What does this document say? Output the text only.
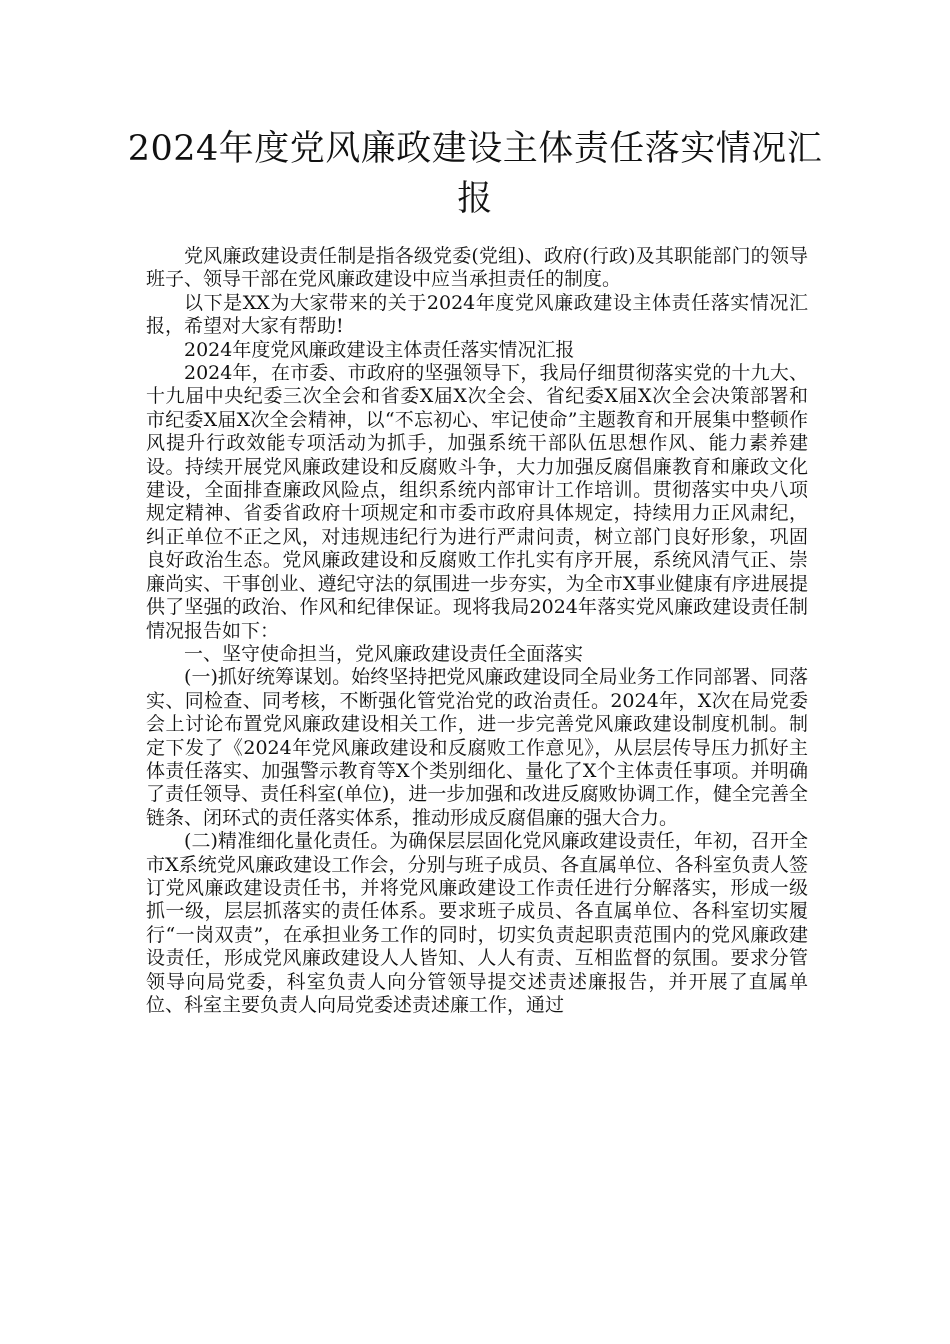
2024年度党风廉政建设主体责任落实情况汇报

党风廉政建设责任制是指各级党委(党组)、政府(行政)及其职能部门的领导班子、领导干部在党风廉政建设中应当承担责任的制度。

以下是XX为大家带来的关于2024年度党风廉政建设主体责任落实情况汇报，希望对大家有帮助!

2024年度党风廉政建设主体责任落实情况汇报

2024年，在市委、市政府的坚强领导下，我局仔细贯彻落实党的十九大、十九届中央纪委三次全会和省委X届X次全会、省纪委X届X次全会决策部署和市纪委X届X次全会精神，以“不忘初心、牢记使命”主题教育和开展集中整顿作风提升行政效能专项活动为抓手，加强系统干部队伍思想作风、能力素养建设。持续开展党风廉政建设和反腐败斗争，大力加强反腐倡廉教育和廉政文化建设，全面排查廉政风险点，组织系统内部审计工作培训。贯彻落实中央八项规定精神、省委省政府十项规定和市委市政府具体规定，持续用力正风肃纪，纠正单位不正之风，对违规违纪行为进行严肃问责，树立部门良好形象，巩固良好政治生态。党风廉政建设和反腐败工作扎实有序开展，系统风清气正、崇廉尚实、干事创业、遵纪守法的氛围进一步夯实，为全市X事业健康有序进展提供了坚强的政治、作风和纪律保证。现将我局2024年落实党风廉政建设责任制情况报告如下：

一、坚守使命担当，党风廉政建设责任全面落实

(一)抓好统筹谋划。始终坚持把党风廉政建设同全局业务工作同部署、同落实、同检查、同考核，不断强化管党治党的政治责任。2024年，X次在局党委会上讨论布置党风廉政建设相关工作，进一步完善党风廉政建设制度机制。制定下发了《2024年党风廉政建设和反腐败工作意见》，从层层传导压力抓好主体责任落实、加强警示教育等X个类别细化、量化了X个主体责任事项。并明确了责任领导、责任科室(单位)，进一步加强和改进反腐败协调工作，健全完善全链条、闭环式的责任落实体系，推动形成反腐倡廉的强大合力。

(二)精准细化量化责任。为确保层层固化党风廉政建设责任，年初，召开全市X系统党风廉政建设工作会，分别与班子成员、各直属单位、各科室负责人签订党风廉政建设责任书，并将党风廉政建设工作责任进行分解落实，形成一级抓一级，层层抓落实的责任体系。要求班子成员、各直属单位、各科室切实履行“一岗双责”，在承担业务工作的同时，切实负责起职责范围内的党风廉政建设责任，形成党风廉政建设人人皆知、人人有责、互相监督的氛围。要求分管领导向局党委，科室负责人向分管领导提交述责述廉报告，并开展了直属单位、科室主要负责人向局党委述责述廉工作，通过
